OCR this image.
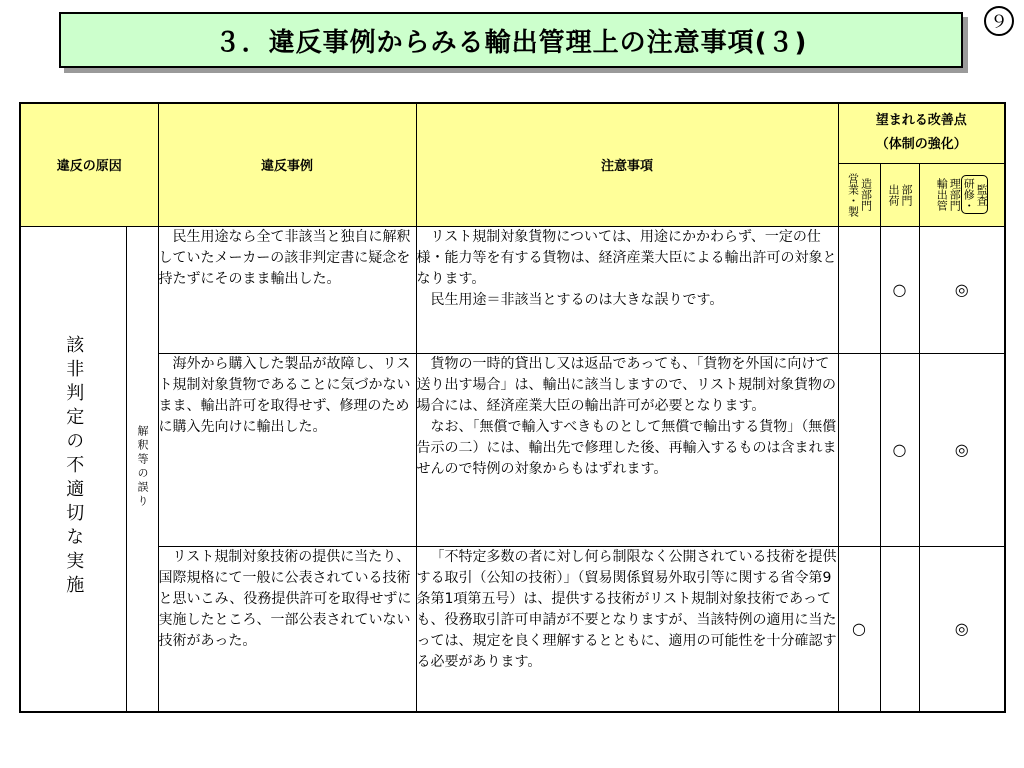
３．違反事例からみる輸出管理上の注意事項(３)
９
違反の原因		違反事例	注意事項	望まれる改善点
（体制の強化）		

				営業・製 造部門	出荷 部門	輸出管 理部門 研修・ 監査

該非判定の不適切な実施	解釈等の誤り	民生用途なら全て非該当と独自に解釈していたメーカーの該非判定書に疑念を持たずにそのまま輸出した。	リスト規制対象貨物については、用途にかかわらず、一定の仕様・能力等を有する貨物は、経済産業大臣による輸出許可の対象となります。
民生用途＝非該当とするのは大きな誤りです。		○	◎

		海外から購入した製品が故障し、リスト規制対象貨物であることに気づかないまま、輸出許可を取得せず、修理のために購入先向けに輸出した。	貨物の一時的貸出し又は返品であっても、「貨物を外国に向けて送り出す場合」は、輸出に該当しますので、リスト規制対象貨物の場合には、経済産業大臣の輸出許可が必要となります。
なお、「無償で輸入すべきものとして無償で輸出する貨物」（無償告示の二）には、輸出先で修理した後、再輸入するものは含まれませんので特例の対象からもはずれます。		○	◎

		リスト規制対象技術の提供に当たり、国際規格にて一般に公表されている技術と思いこみ、役務提供許可を取得せずに実施したところ、一部公表されていない技術があった。	「不特定多数の者に対し何ら制限なく公開されている技術を提供する取引（公知の技術）」（貿易関係貿易外取引等に関する省令第9条第1項第五号）は、提供する技術がリスト規制対象技術であっても、役務取引許可申請が不要となりますが、当該特例の適用に当たっては、規定を良く理解するとともに、適用の可能性を十分確認する必要があります。	○		◎
